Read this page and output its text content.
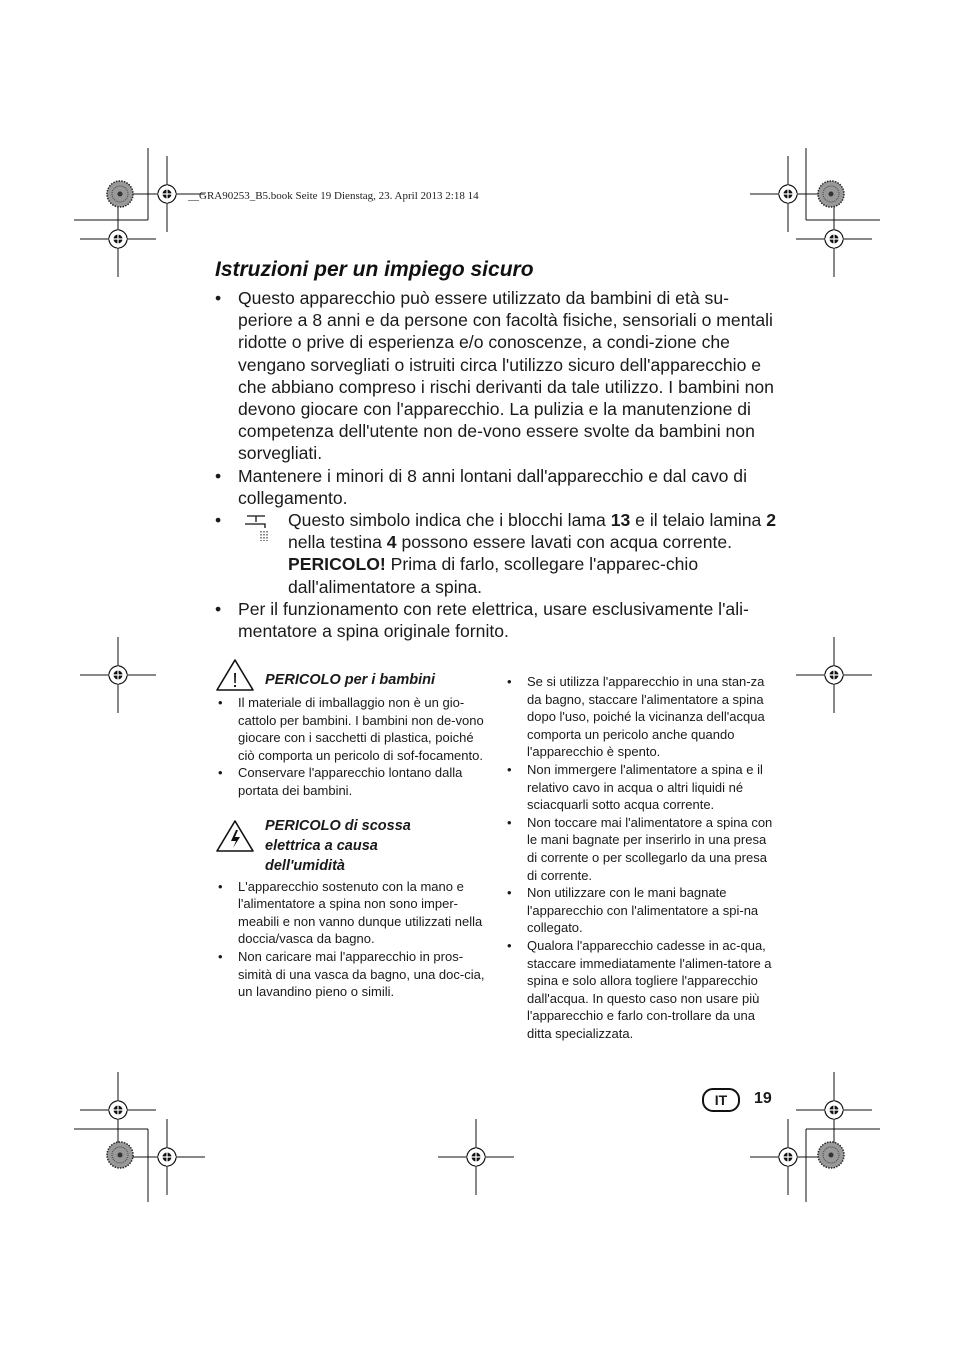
__GRA90253_B5.book Seite 19 Dienstag, 23. April 2013 2:18 14
Istruzioni per un impiego sicuro
• Questo apparecchio può essere utilizzato da bambini di età su-periore a 8 anni e da persone con facoltà fisiche, sensoriali o mentali ridotte o prive di esperienza e/o conoscenze, a condi-zione che vengano sorvegliati o istruiti circa l'utilizzo sicuro dell'apparecchio e che abbiano compreso i rischi derivanti da tale utilizzo. I bambini non devono giocare con l'apparecchio. La pulizia e la manutenzione di competenza dell'utente non de-vono essere svolte da bambini non sorvegliati.
• Mantenere i minori di 8 anni lontani dall'apparecchio e dal cavo di collegamento.
•	Questo simbolo indica che i blocchi lama 13 e il telaio lamina 2 nella testina 4 possono essere lavati con acqua corrente. PERICOLO! Prima di farlo, scollegare l'apparec-chio dall'alimentatore a spina.
• Per il funzionamento con rete elettrica, usare esclusivamente l'ali-mentatore a spina originale fornito.
! PERICOLO per i bambini
• Il materiale di imballaggio non è un gio-cattolo per bambini. I bambini non de-vono giocare con i sacchetti di plastica, poiché ciò comporta un pericolo di sof-focamento.
• Conservare l'apparecchio lontano dalla portata dei bambini.
PERICOLO di scossa elettrica a causa dell'umidità
• L'apparecchio sostenuto con la mano e l'alimentatore a spina non sono imper-meabili e non vanno dunque utilizzati nella doccia/vasca da bagno.
• Non caricare mai l'apparecchio in pros-simità di una vasca da bagno, una doc-cia, un lavandino pieno o simili.
• Se si utilizza l'apparecchio in una stan-za da bagno, staccare l'alimentatore a spina dopo l'uso, poiché la vicinanza dell'acqua comporta un pericolo anche quando l'apparecchio è spento.
• Non immergere l'alimentatore a spina e il relativo cavo in acqua o altri liquidi né sciacquarli sotto acqua corrente.
• Non toccare mai l'alimentatore a spina con le mani bagnate per inserirlo in una presa di corrente o per scollegarlo da una presa di corrente.
• Non utilizzare con le mani bagnate l'apparecchio con l'alimentatore a spi-na collegato.
• Qualora l'apparecchio cadesse in ac-qua, staccare immediatamente l'alimen-tatore a spina e solo allora togliere l'apparecchio dall'acqua. In questo caso non usare più l'apparecchio e farlo con-trollare da una ditta specializzata.
IT	19
